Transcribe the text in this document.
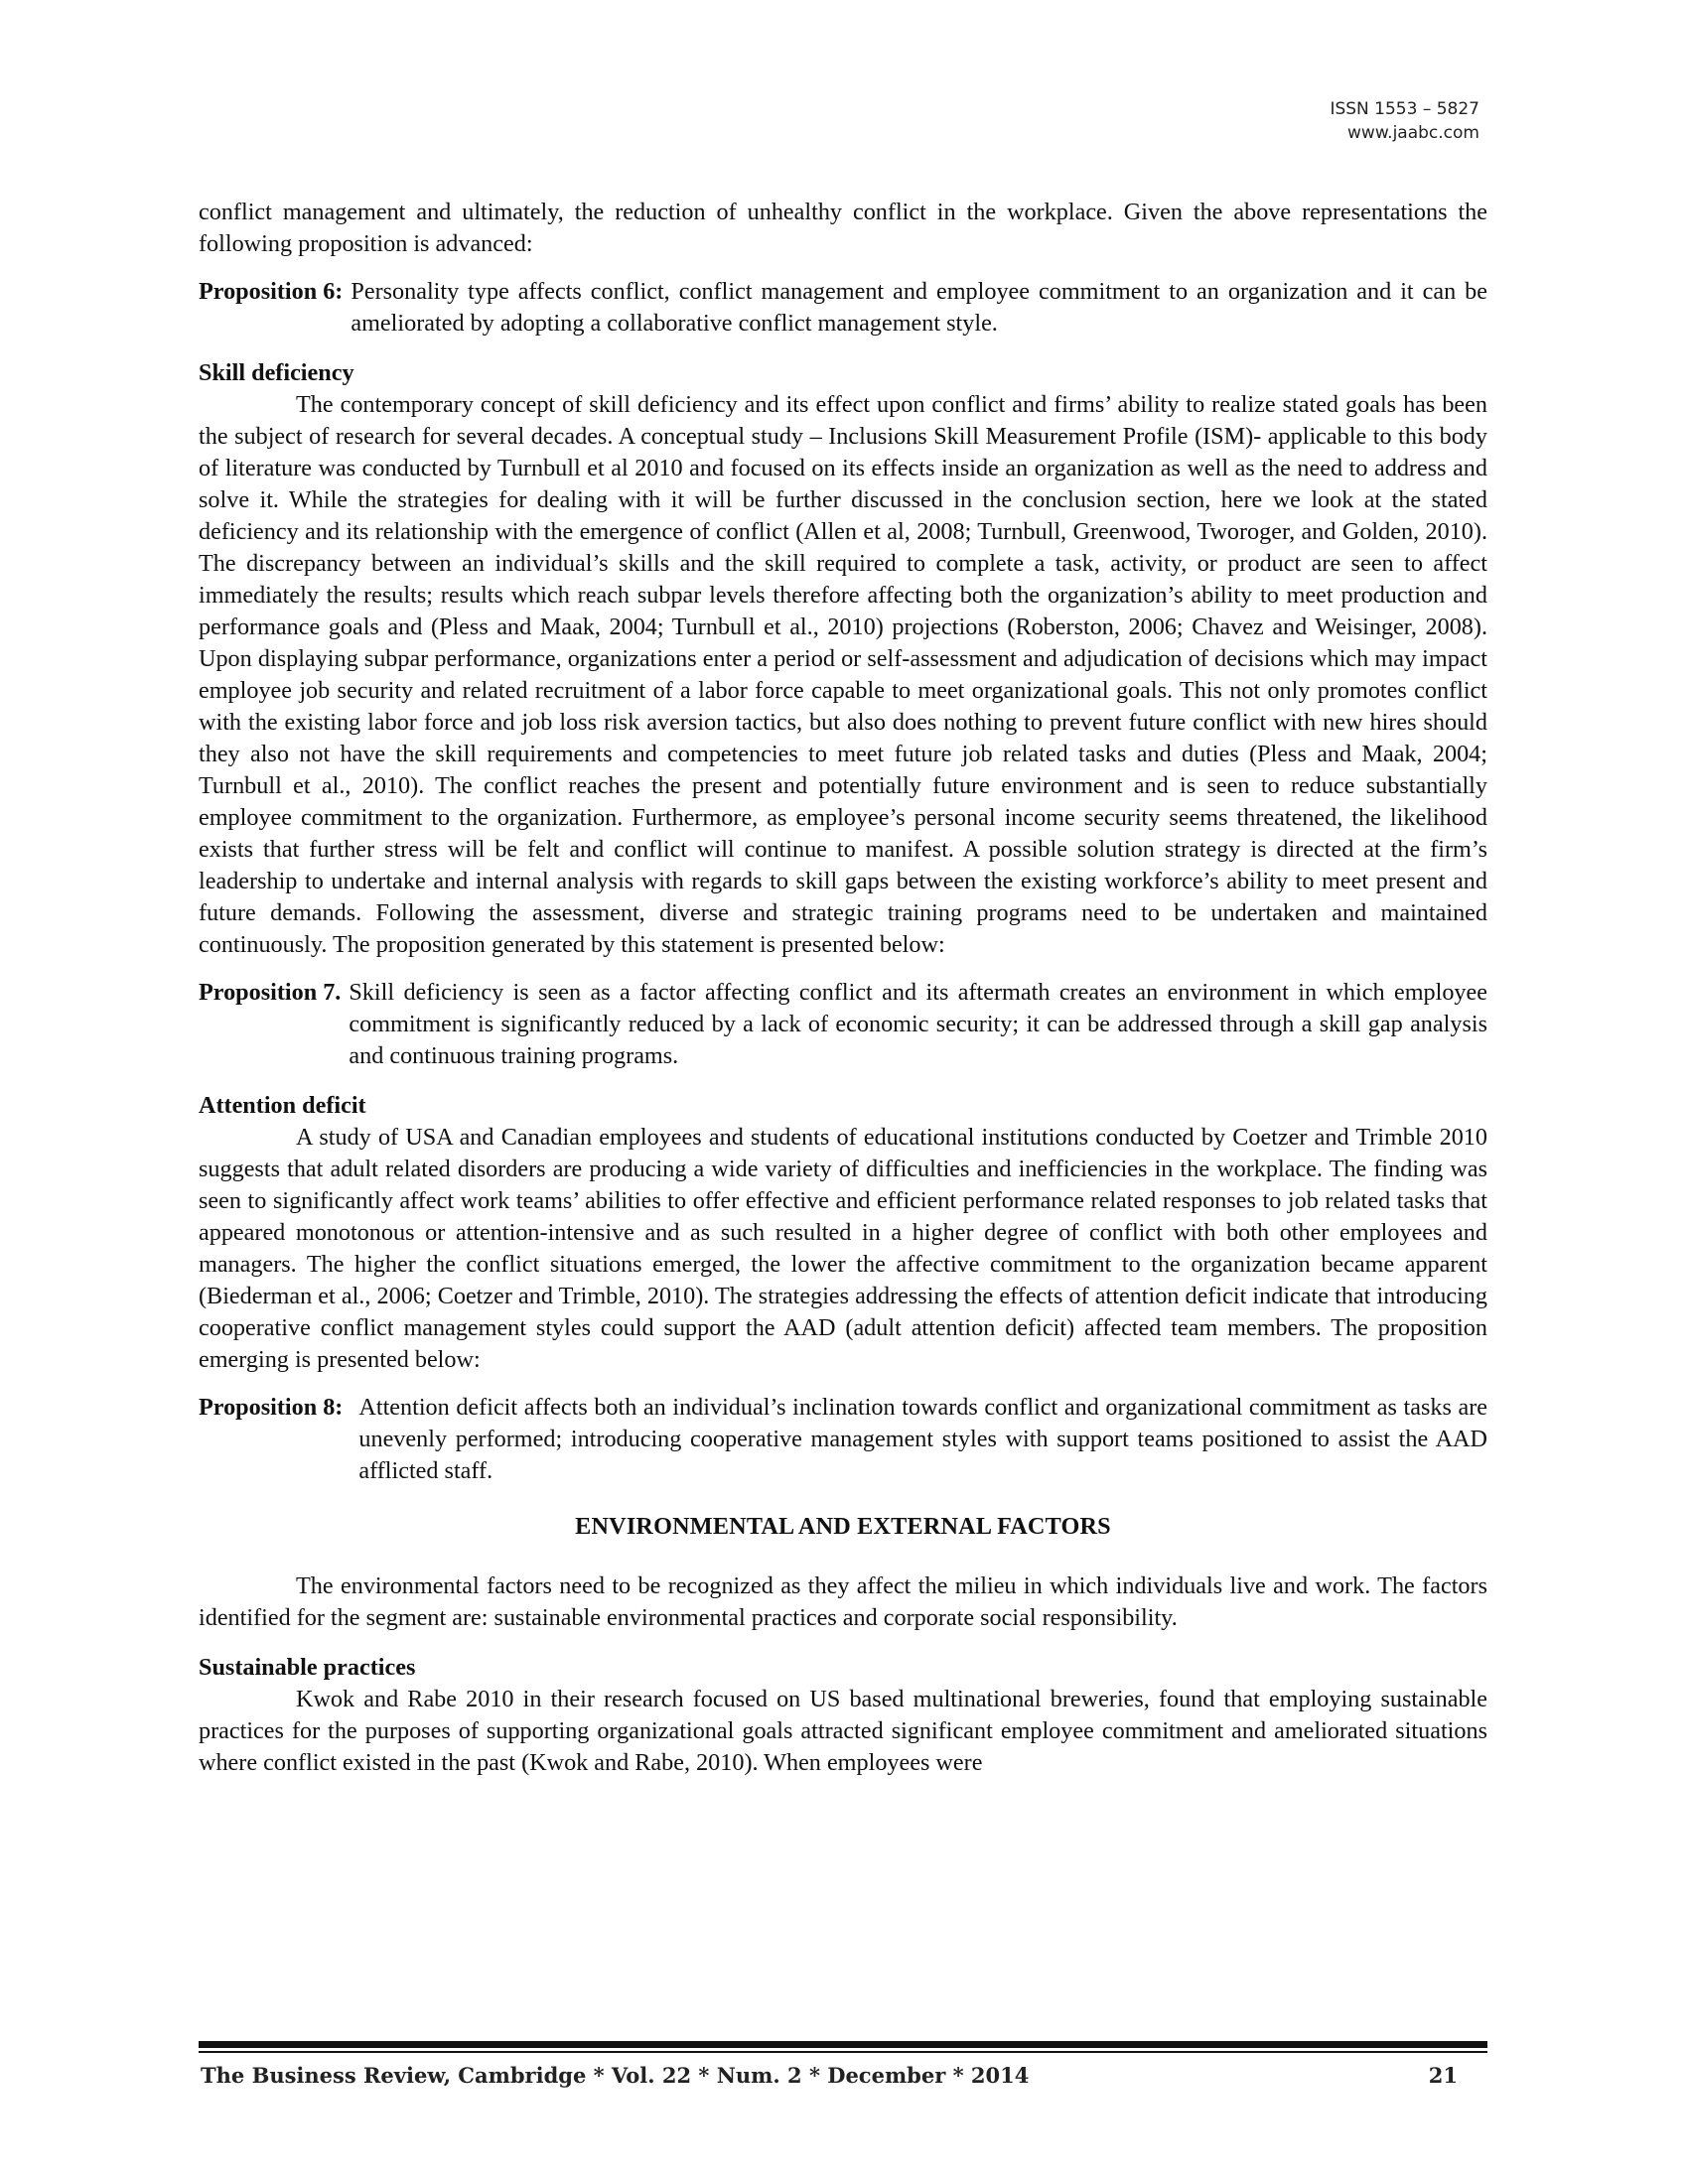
ISSN 1553 – 5827
www.jaabc.com

conflict management and ultimately, the reduction of unhealthy conflict in the workplace. Given the above representations the following proposition is advanced:

Proposition 6: Personality type affects conflict, conflict management and employee commitment to an organization and it can be ameliorated by adopting a collaborative conflict management style.

Skill deficiency

The contemporary concept of skill deficiency and its effect upon conflict and firms’ ability to realize stated goals has been the subject of research for several decades. A conceptual study – Inclusions Skill Measurement Profile (ISM)- applicable to this body of literature was conducted by Turnbull et al 2010 and focused on its effects inside an organization as well as the need to address and solve it. While the strategies for dealing with it will be further discussed in the conclusion section, here we look at the stated deficiency and its relationship with the emergence of conflict (Allen et al, 2008; Turnbull, Greenwood, Tworoger, and Golden, 2010). The discrepancy between an individual’s skills and the skill required to complete a task, activity, or product are seen to affect immediately the results; results which reach subpar levels therefore affecting both the organization’s ability to meet production and performance goals and (Pless and Maak, 2004; Turnbull et al., 2010) projections (Roberston, 2006; Chavez and Weisinger, 2008). Upon displaying subpar performance, organizations enter a period or self-assessment and adjudication of decisions which may impact employee job security and related recruitment of a labor force capable to meet organizational goals. This not only promotes conflict with the existing labor force and job loss risk aversion tactics, but also does nothing to prevent future conflict with new hires should they also not have the skill requirements and competencies to meet future job related tasks and duties (Pless and Maak, 2004; Turnbull et al., 2010). The conflict reaches the present and potentially future environment and is seen to reduce substantially employee commitment to the organization. Furthermore, as employee’s personal income security seems threatened, the likelihood exists that further stress will be felt and conflict will continue to manifest. A possible solution strategy is directed at the firm’s leadership to undertake and internal analysis with regards to skill gaps between the existing workforce’s ability to meet present and future demands. Following the assessment, diverse and strategic training programs need to be undertaken and maintained continuously. The proposition generated by this statement is presented below:

Proposition 7. Skill deficiency is seen as a factor affecting conflict and its aftermath creates an environment in which employee commitment is significantly reduced by a lack of economic security; it can be addressed through a skill gap analysis and continuous training programs.

Attention deficit

A study of USA and Canadian employees and students of educational institutions conducted by Coetzer and Trimble 2010 suggests that adult related disorders are producing a wide variety of difficulties and inefficiencies in the workplace. The finding was seen to significantly affect work teams’ abilities to offer effective and efficient performance related responses to job related tasks that appeared monotonous or attention-intensive and as such resulted in a higher degree of conflict with both other employees and managers. The higher the conflict situations emerged, the lower the affective commitment to the organization became apparent (Biederman et al., 2006; Coetzer and Trimble, 2010). The strategies addressing the effects of attention deficit indicate that introducing cooperative conflict management styles could support the AAD (adult attention deficit) affected team members. The proposition emerging is presented below:

Proposition 8: Attention deficit affects both an individual’s inclination towards conflict and organizational commitment as tasks are unevenly performed; introducing cooperative management styles with support teams positioned to assist the AAD afflicted staff.

ENVIRONMENTAL AND EXTERNAL FACTORS

The environmental factors need to be recognized as they affect the milieu in which individuals live and work. The factors identified for the segment are: sustainable environmental practices and corporate social responsibility.

Sustainable practices

Kwok and Rabe 2010 in their research focused on US based multinational breweries, found that employing sustainable practices for the purposes of supporting organizational goals attracted significant employee commitment and ameliorated situations where conflict existed in the past (Kwok and Rabe, 2010). When employees were

The Business Review, Cambridge * Vol. 22 * Num. 2 * December * 2014	21
